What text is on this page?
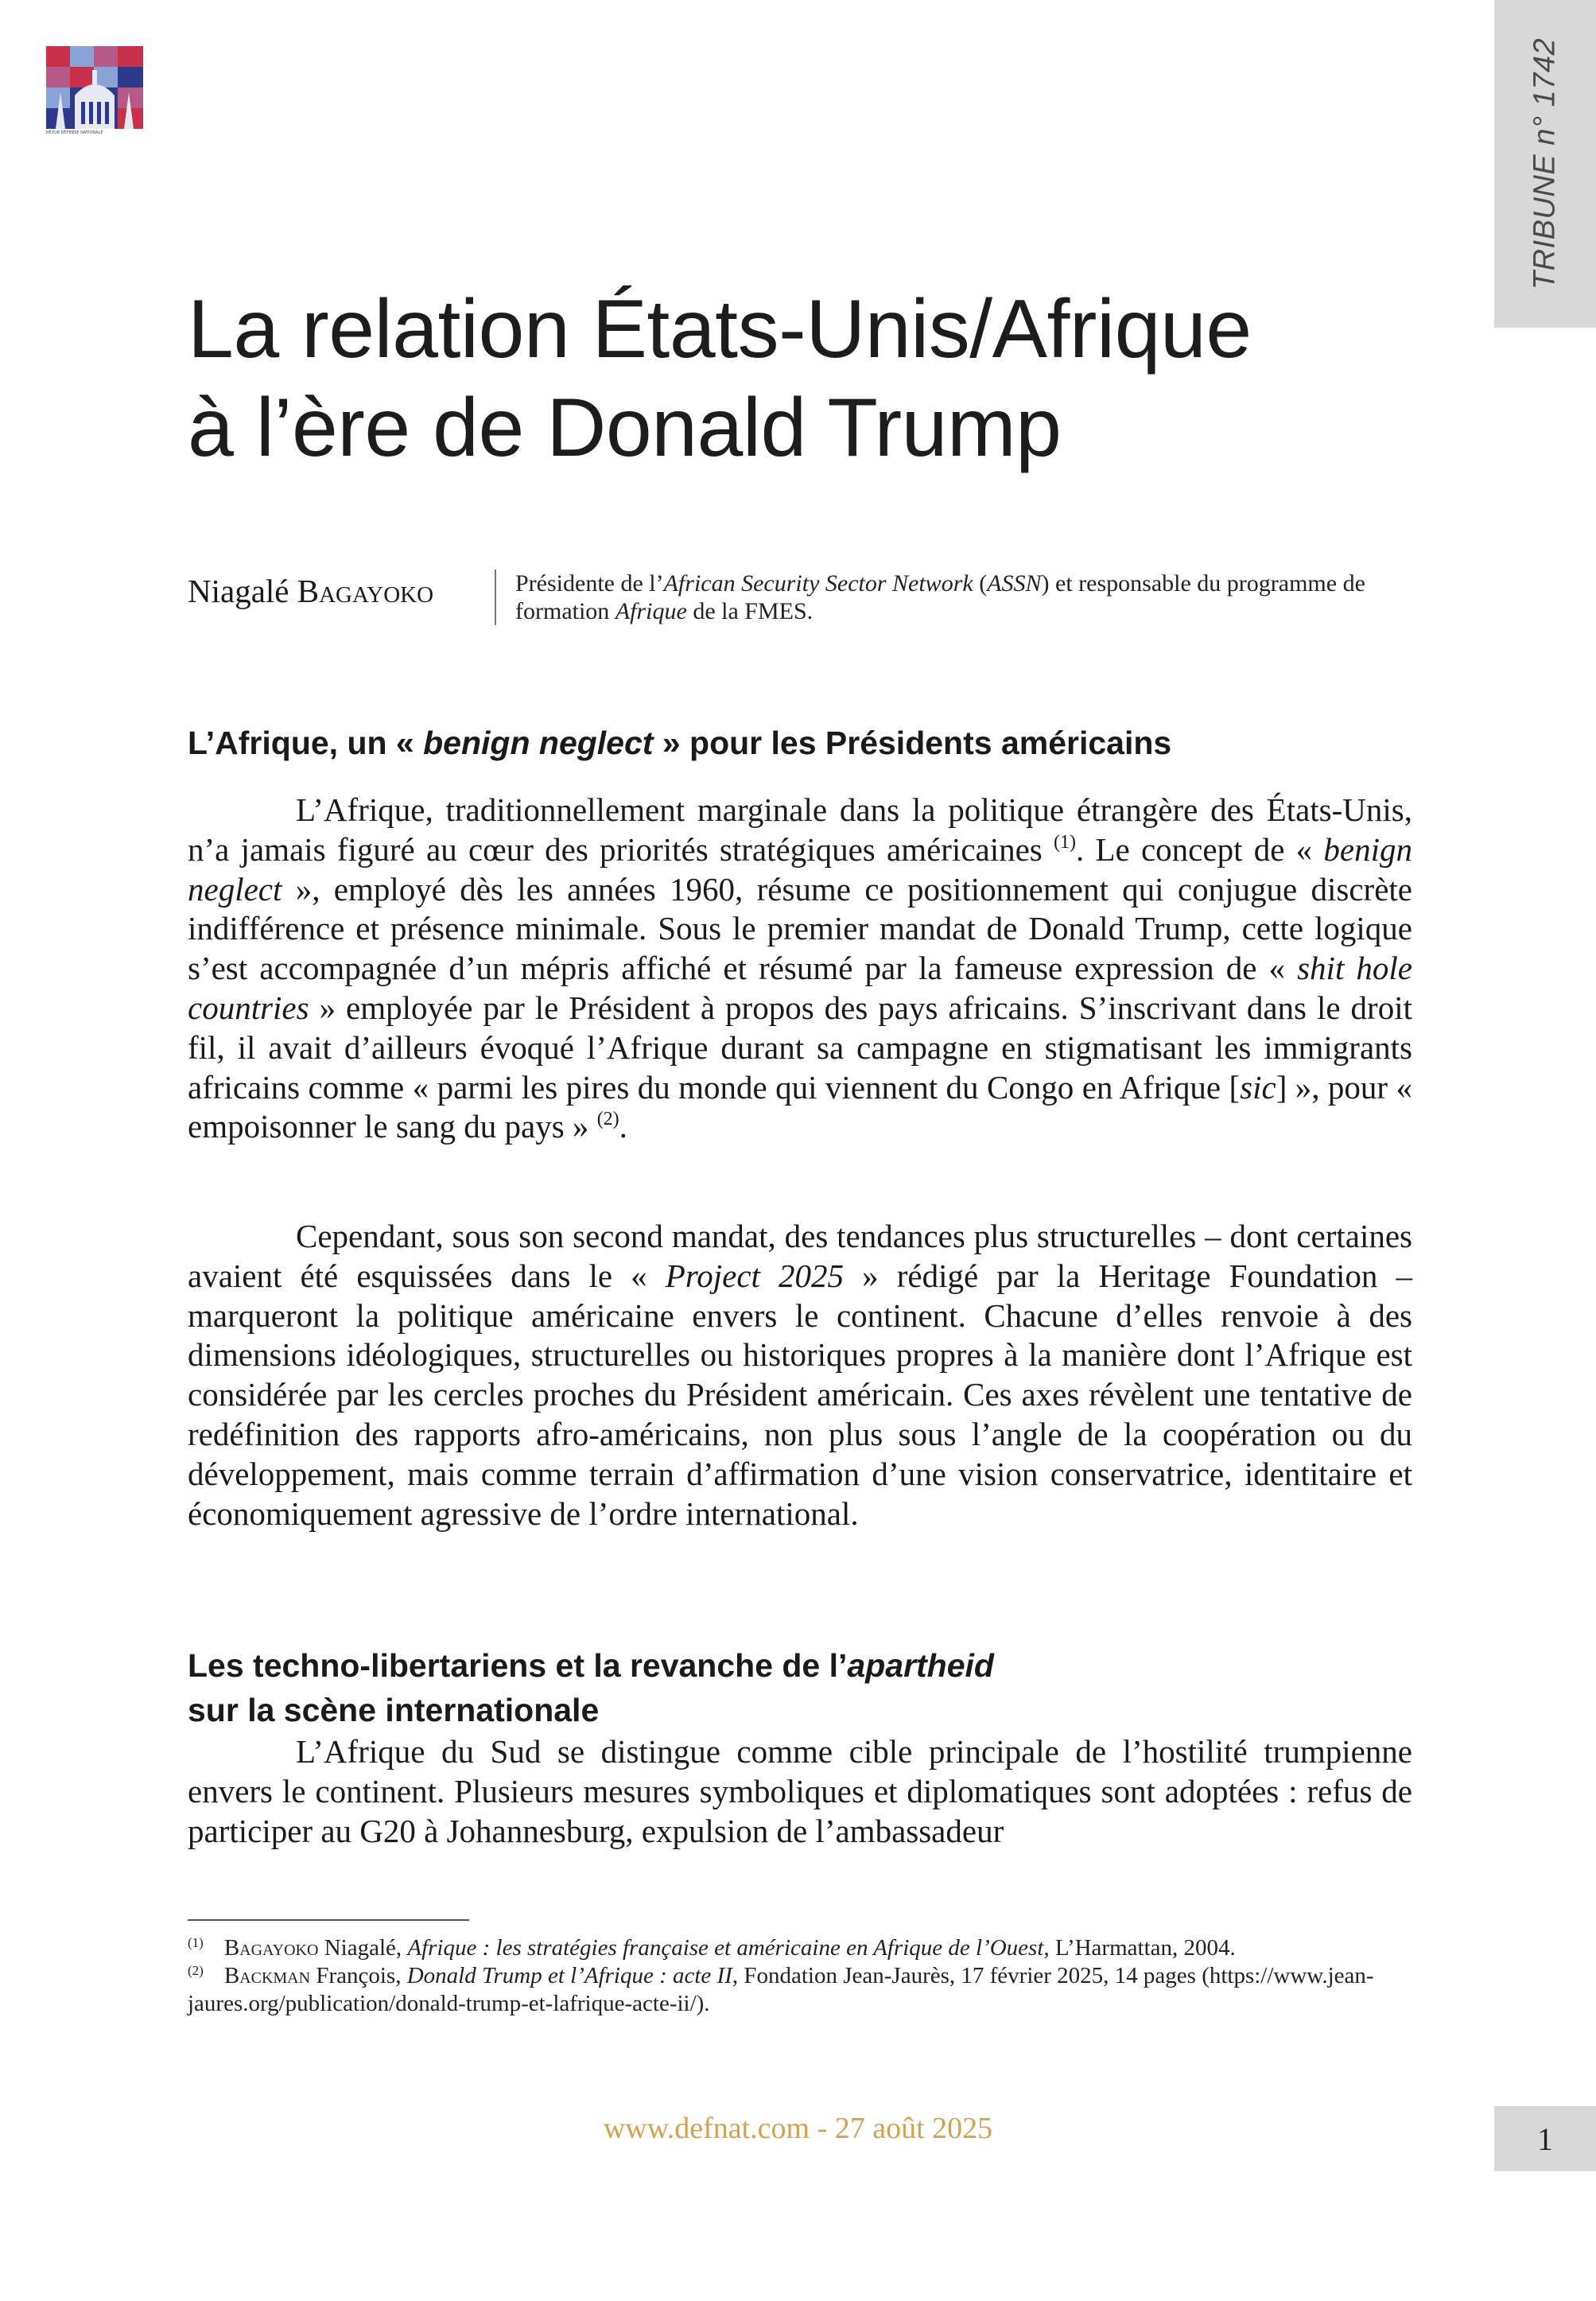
REVUE DÉFENSE NATIONALE	TRIBUNE n° 1742
La relation États-Unis/Afrique
à l’ère de Donald Trump
Niagalé Bagayoko	Présidente de l’African Security Sector Network (ASSN) et responsable du programme de formation Afrique de la FMES.
L’Afrique, un « benign neglect » pour les Présidents américains

L’Afrique, traditionnellement marginale dans la politique étrangère des États-Unis, n’a jamais figuré au cœur des priorités stratégiques américaines $^{(1)}$. Le concept de « benign neglect », employé dès les années 1960, résume ce positionnement qui conjugue discrète indifférence et présence minimale. Sous le premier mandat de Donald Trump, cette logique s’est accompagnée d’un mépris affiché et résumé par la fameuse expression de « shit hole countries » employée par le Président à propos des pays africains. S’inscrivant dans le droit fil, il avait d’ailleurs évoqué l’Afrique durant sa campagne en stigmatisant les immigrants africains comme « parmi les pires du monde qui viennent du Congo en Afrique [sic] », pour « empoisonner le sang du pays » $^{(2)}$.

Cependant, sous son second mandat, des tendances plus structurelles – dont certaines avaient été esquissées dans le « Project 2025 » rédigé par la Heritage Foundation – marqueront la politique américaine envers le continent. Chacune d’elles renvoie à des dimensions idéologiques, structurelles ou historiques propres à la manière dont l’Afrique est considérée par les cercles proches du Président américain. Ces axes révèlent une tentative de redéfinition des rapports afro-américains, non plus sous l’angle de la coopération ou du développement, mais comme terrain d’affirmation d’une vision conservatrice, identitaire et économiquement agressive de l’ordre international.

Les techno-libertariens et la revanche de l’apartheid
sur la scène internationale

L’Afrique du Sud se distingue comme cible principale de l’hostilité trumpienne envers le continent. Plusieurs mesures symboliques et diplomatiques sont adoptées : refus de participer au G20 à Johannesburg, expulsion de l’ambassadeur

$^{(1)}$ Bagayoko Niagalé, Afrique : les stratégies française et américaine en Afrique de l’Ouest, L’Harmattan, 2004.

$^{(2)}$ Backman François, Donald Trump et l’Afrique : acte II, Fondation Jean-Jaurès, 17 février 2025, 14 pages (https://www.jean-jaures.org/publication/donald-trump-et-lafrique-acte-ii/).

www.defnat.com - 27 août 2025	1
